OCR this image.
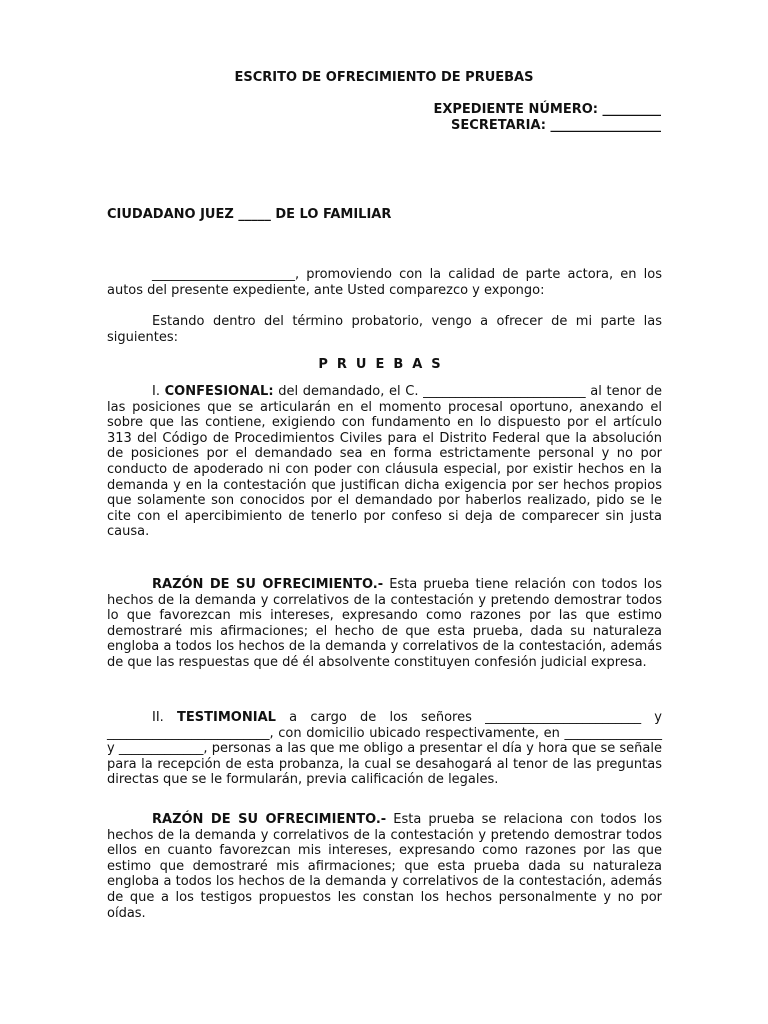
ESCRITO DE OFRECIMIENTO DE PRUEBAS
EXPEDIENTE NÚMERO: _________
SECRETARIA: _________________
CIUDADANO JUEZ _____ DE LO FAMILIAR
______________________, promoviendo con la calidad de parte actora, en los autos del presente expediente, ante Usted comparezco y expongo:
Estando dentro del término probatorio, vengo a ofrecer de mi parte las siguientes:
PRUEBAS
I. CONFESIONAL: del demandado, el C. _________________________ al tenor de las posiciones que se articularán en el momento procesal oportuno, anexando el sobre que las contiene, exigiendo con fundamento en lo dispuesto por el artículo 313 del Código de Procedimientos Civiles para el Distrito Federal que la absolución de posiciones por el demandado sea en forma estrictamente personal y no por conducto de apoderado ni con poder con cláusula especial, por existir hechos en la demanda y en la contestación que justifican dicha exigencia por ser hechos propios que solamente son conocidos por el demandado por haberlos realizado, pido se le cite con el apercibimiento de tenerlo por confeso si deja de comparecer sin justa causa.
RAZÓN DE SU OFRECIMIENTO.- Esta prueba tiene relación con todos los hechos de la demanda y correlativos de la contestación y pretendo demostrar todos lo que favorezcan mis intereses, expresando como razones por las que estimo demostraré mis afirmaciones; el hecho de que esta prueba, dada su naturaleza engloba a todos los hechos de la demanda y correlativos de la contestación, además de que las respuestas que dé él absolvente constituyen confesión judicial expresa.
II. TESTIMONIAL a cargo de los señores ________________________ y _________________________, con domicilio ubicado respectivamente, en _______________ y _____________, personas a las que me obligo a presentar el día y hora que se señale para la recepción de esta probanza, la cual se desahogará al tenor de las preguntas directas que se le formularán, previa calificación de legales.
RAZÓN DE SU OFRECIMIENTO.- Esta prueba se relaciona con todos los hechos de la demanda y correlativos de la contestación y pretendo demostrar todos ellos en cuanto favorezcan mis intereses, expresando como razones por las que estimo que demostraré mis afirmaciones; que esta prueba dada su naturaleza engloba a todos los hechos de la demanda y correlativos de la contestación, además de que a los testigos propuestos les constan los hechos personalmente y no por oídas.
